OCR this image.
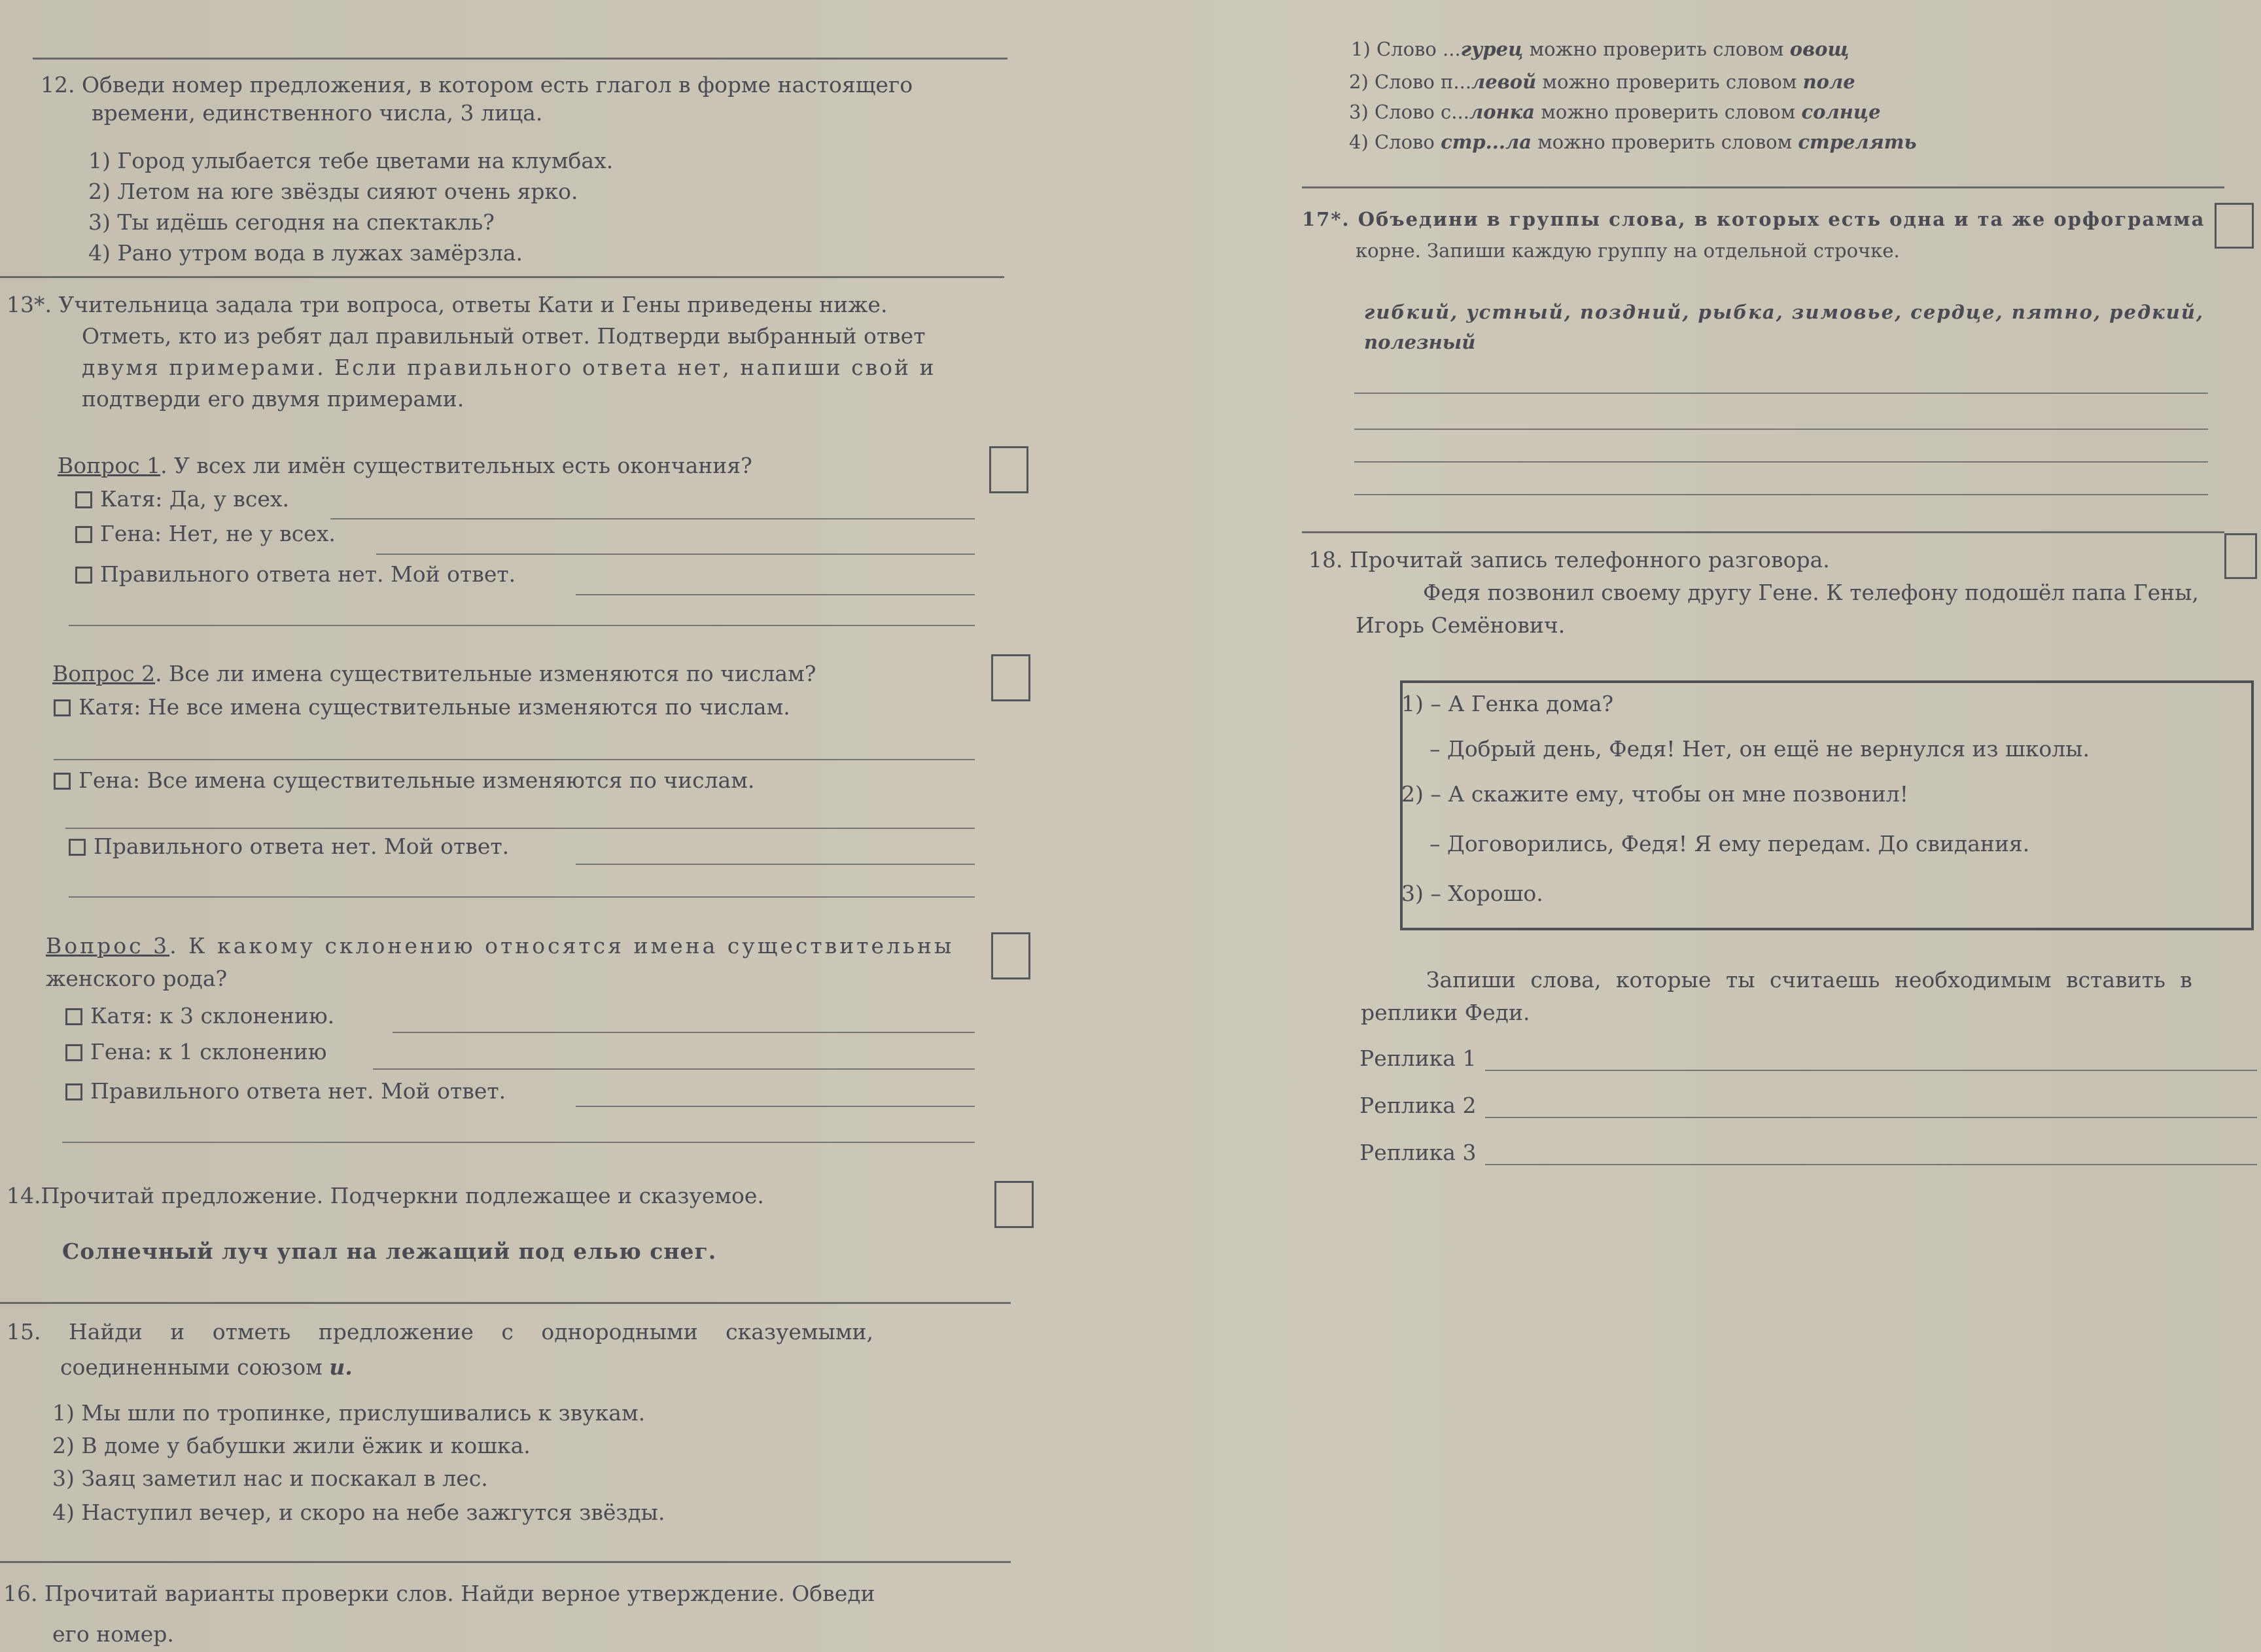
12. Обведи номер предложения, в котором есть глагол в форме настоящего
времени, единственного числа, 3 лица.
1) Город улыбается тебе цветами на клумбах.
2) Летом на юге звёзды сияют очень ярко.
3) Ты идёшь сегодня на спектакль?
4) Рано утром вода в лужах замёрзла.
13*. Учительница задала три вопроса, ответы Кати и Гены приведены ниже.
Отметь, кто из ребят дал правильный ответ. Подтверди выбранный ответ
двумя примерами. Если правильного ответа нет, напиши свой и
подтверди его двумя примерами.
Вопрос 1. У всех ли имён существительных есть окончания?
Катя: Да, у всех.
Гена: Нет, не у всех.
Правильного ответа нет. Мой ответ.
Вопрос 2. Все ли имена существительные изменяются по числам?
Катя: Не все имена существительные изменяются по числам.
Гена: Все имена существительные изменяются по числам.
Правильного ответа нет. Мой ответ.
Вопрос 3. К какому склонению относятся имена существительны
женского рода?
Катя: к 3 склонению.
Гена: к 1 склонению
Правильного ответа нет. Мой ответ.
14.Прочитай предложение. Подчеркни подлежащее и сказуемое.
Солнечный луч упал на лежащий под елью снег.
15. Найди и отметь предложение с однородными сказуемыми,
соединенными союзом и.
1) Мы шли по тропинке, прислушивались к звукам.
2) В доме у бабушки жили ёжик и кошка.
3) Заяц заметил нас и поскакал в лес.
4) Наступил вечер, и скоро на небе зажгутся звёзды.
16. Прочитай варианты проверки слов. Найди верное утверждение. Обведи
его номер.
1) Слово ...гурец можно проверить словом овощ
2) Слово п...левой можно проверить словом поле
3) Слово с...лонка можно проверить словом солнце
4) Слово стр...ла можно проверить словом стрелять
17*. Объедини в группы слова, в которых есть одна и та же орфограмма
корне. Запиши каждую группу на отдельной строчке.
гибкий, устный, поздний, рыбка, зимовье, сердце, пятно, редкий,
полезный
18. Прочитай запись телефонного разговора.
Федя позвонил своему другу Гене. К телефону подошёл папа Гены,
Игорь Семёнович.
1) – А Генка дома?
– Добрый день, Федя! Нет, он ещё не вернулся из школы.
2) – А скажите ему, чтобы он мне позвонил!
– Договорились, Федя! Я ему передам. До свидания.
3) – Хорошо.
Запиши слова, которые ты считаешь необходимым вставить в
реплики Феди.
Реплика 1
Реплика 2
Реплика 3
